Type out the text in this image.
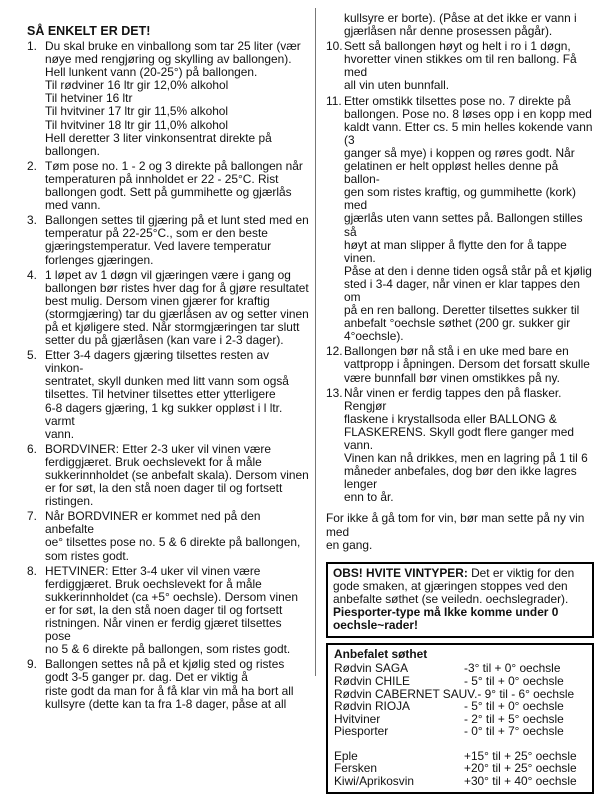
SÅ ENKELT ER DET!
1. Du skal bruke en vinballong som tar 25 liter (vær
nøye med rengjøring og skylling av ballongen).
Hell lunkent vann (20-25°) på ballongen.
Til rødviner 16 ltr gir 12,0% alkohol
Til hetviner 16 ltr
Til hvitviner 17 ltr gir 11,5% alkohol
Til hvitviner 18 ltr gir 11,0% alkohol
Hell deretter 3 liter vinkonsentrat direkte på
ballongen.
2. Tøm pose no. 1 - 2 og 3 direkte på ballongen når
temperaturen på innholdet er 22 - 25°C. Rist
ballongen godt. Sett på gummihette og gjærlås
med vann.
3. Ballongen settes til gjæring på et lunt sted med en
temperatur på 22-25°C., som er den beste
gjæringstemperatur. Ved lavere temperatur
forlenges gjæringen.
4. 1 løpet av 1 døgn vil gjæringen være i gang og
ballongen bør ristes hver dag for å gjøre resultatet
best mulig. Dersom vinen gjærer for kraftig
(stormgjæring) tar du gjærlåsen av og setter vinen
på et kjøligere sted. Når stormgjæringen tar slutt
setter du på gjærlåsen (kan vare i 2-3 dager).
5. Etter 3-4 dagers gjæring tilsettes resten av vinkon-
sentratet, skyll dunken med litt vann som også
tilsettes. Til hetviner tilsettes etter ytterligere
6-8 dagers gjæring, 1 kg sukker oppløst i l ltr. varmt
vann.
6. BORDVINER: Etter 2-3 uker vil vinen være
ferdiggjæret. Bruk oechslevekt for å måle
sukkerinnholdet (se anbefalt skala). Dersom vinen
er for søt, la den stå noen dager til og fortsett
ristingen.
7. Når BORDVINER er kommet ned på den anbefalte
oe° tilsettes pose no. 5 & 6 direkte på ballongen,
som ristes godt.
8. HETVINER: Etter 3-4 uker vil vinen være
ferdiggjæret. Bruk oechslevekt for å måle
sukkerinnholdet (ca +5° oechsle). Dersom vinen
er for søt, la den stå noen dager til og fortsett
ristningen. Når vinen er ferdig gjæret tilsettes pose
no 5 & 6 direkte på ballongen, som ristes godt.
9. Ballongen settes nå på et kjølig sted og ristes
godt 3-5 ganger pr. dag. Det er viktig å
riste godt da man for å få klar vin må ha bort all
kullsyre (dette kan ta fra 1-8 dager, påse at all
kullsyre er borte). (Påse at det ikke er vann i
gjærlåsen når denne prosessen pågår).
10. Sett så ballongen høyt og helt i ro i 1 døgn,
hvoretter vinen stikkes om til ren ballong. Få med
all vin uten bunnfall.
11. Etter omstikk tilsettes pose no. 7 direkte på
ballongen. Pose no. 8 løses opp i en kopp med
kaldt vann. Etter cs. 5 min helles kokende vann (3
ganger så mye) i koppen og røres godt. Når
gelatinen er helt oppløst helles denne på ballon-
gen som ristes kraftig, og gummihette (kork) med
gjærlås uten vann settes på. Ballongen stilles så
høyt at man slipper å flytte den for å tappe vinen.
Påse at den i denne tiden også står på et kjølig
sted i 3-4 dager, når vinen er klar tappes den om
på en ren ballong. Deretter tilsettes sukker til
anbefalt °oechsle søthet (200 gr. sukker gir
4°oechsle).
12. Ballongen bør nå stå i en uke med bare en
vattpropp i åpningen. Dersom det forsatt skulle
være bunnfall bør vinen omstikkes på ny.
13. Når vinen er ferdig tappes den på flasker. Rengjør
flaskene i krystallsoda eller BALLONG &
FLASKERENS. Skyll godt flere ganger med vann.
Vinen kan nå drikkes, men en lagring på 1 til 6
måneder anbefales, dog bør den ikke lagres lenger
enn to år.
For ikke å gå tom for vin, bør man sette på ny vin med
en gang.
OBS! HVITE VINTYPER: Det er viktig for den gode smaken, at gjæringen stoppes ved den anbefalte søthet (se veiledn. oechslegrader). Piesporter-type må Ikke komme under 0 oechsle~rader!
Anbefalet søthet
Rødvin SAGA	-3° til + 0° oechsle
Rødvin CHILE	- 5° til + 0° oechsle
Rødvin CABERNET SAUV. - 9° til - 6° oechsle
Rødvin RIOJA	- 5° til + 0° oechsle
Hvitviner	- 2° til + 5° oechsle
Piesporter	- 0° til + 7° oechsle
Eple	+15° til + 25° oechsle
Fersken	+20° til + 25° oechsle
Kiwi/Aprikosvin	+30° til + 40° oechsle
